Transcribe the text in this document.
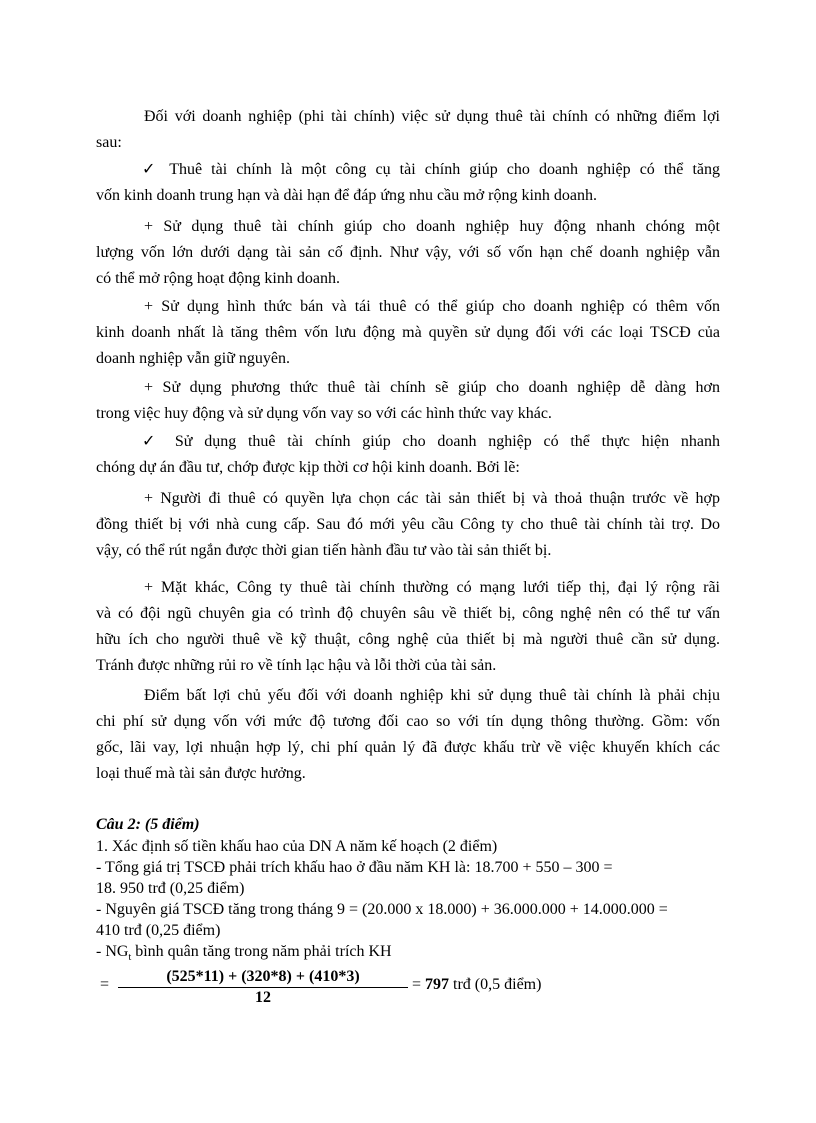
Đối với doanh nghiệp (phi tài chính) việc sử dụng thuê tài chính có những điểm lợi
sau:
✓ Thuê tài chính là một công cụ tài chính giúp cho doanh nghiệp có thể tăng
vốn kinh doanh trung hạn và dài hạn để đáp ứng nhu cầu mở rộng kinh doanh.
+ Sử dụng thuê tài chính giúp cho doanh nghiệp huy động nhanh chóng một
lượng vốn lớn dưới dạng tài sản cố định. Như vậy, với số vốn hạn chế doanh nghiệp vẫn
có thể mở rộng hoạt động kinh doanh.
+ Sử dụng hình thức bán và tái thuê có thể giúp cho doanh nghiệp có thêm vốn
kinh doanh nhất là tăng thêm vốn lưu động mà quyền sử dụng đối với các loại TSCĐ của
doanh nghiệp vẫn giữ nguyên.
+ Sử dụng phương thức thuê tài chính sẽ giúp cho doanh nghiệp dễ dàng hơn
trong việc huy động và sử dụng vốn vay so với các hình thức vay khác.
✓ Sử dụng thuê tài chính giúp cho doanh nghiệp có thể thực hiện nhanh
chóng dự án đầu tư, chớp được kịp thời cơ hội kinh doanh. Bởi lẽ:
+ Người đi thuê có quyền lựa chọn các tài sản thiết bị và thoả thuận trước về hợp
đồng thiết bị với nhà cung cấp. Sau đó mới yêu cầu Công ty cho thuê tài chính tài trợ. Do
vậy, có thể rút ngắn được thời gian tiến hành đầu tư vào tài sản thiết bị.
+ Mặt khác, Công ty thuê tài chính thường có mạng lưới tiếp thị, đại lý rộng rãi
và có đội ngũ chuyên gia có trình độ chuyên sâu về thiết bị, công nghệ nên có thể tư vấn
hữu ích cho người thuê về kỹ thuật, công nghệ của thiết bị mà người thuê cần sử dụng.
Tránh được những rủi ro về tính lạc hậu và lỗi thời của tài sản.
Điểm bất lợi chủ yếu đối với doanh nghiệp khi sử dụng thuê tài chính là phải chịu
chi phí sử dụng vốn với mức độ tương đối cao so với tín dụng thông thường. Gồm: vốn
gốc, lãi vay, lợi nhuận hợp lý, chi phí quản lý đã được khấu trừ về việc khuyến khích các
loại thuế mà tài sản được hưởng.

Câu 2: (5 điểm)

1. Xác định số tiền khấu hao của DN A năm kế hoạch (2 điểm)
- Tổng giá trị TSCĐ phải trích khấu hao ở đầu năm KH là: 18.700 + 550 – 300 =
18. 950 trđ (0,25 điểm)
- Nguyên giá TSCĐ tăng trong tháng 9 = (20.000 x 18.000) + 36.000.000 + 14.000.000 =
410 trđ (0,25 điểm)
- $NG_t$ bình quân tăng trong năm phải trích KH
= $\frac{(525*11) + (320*8) + (410*3)}{12} = 797$ trđ (0,5 điểm)
